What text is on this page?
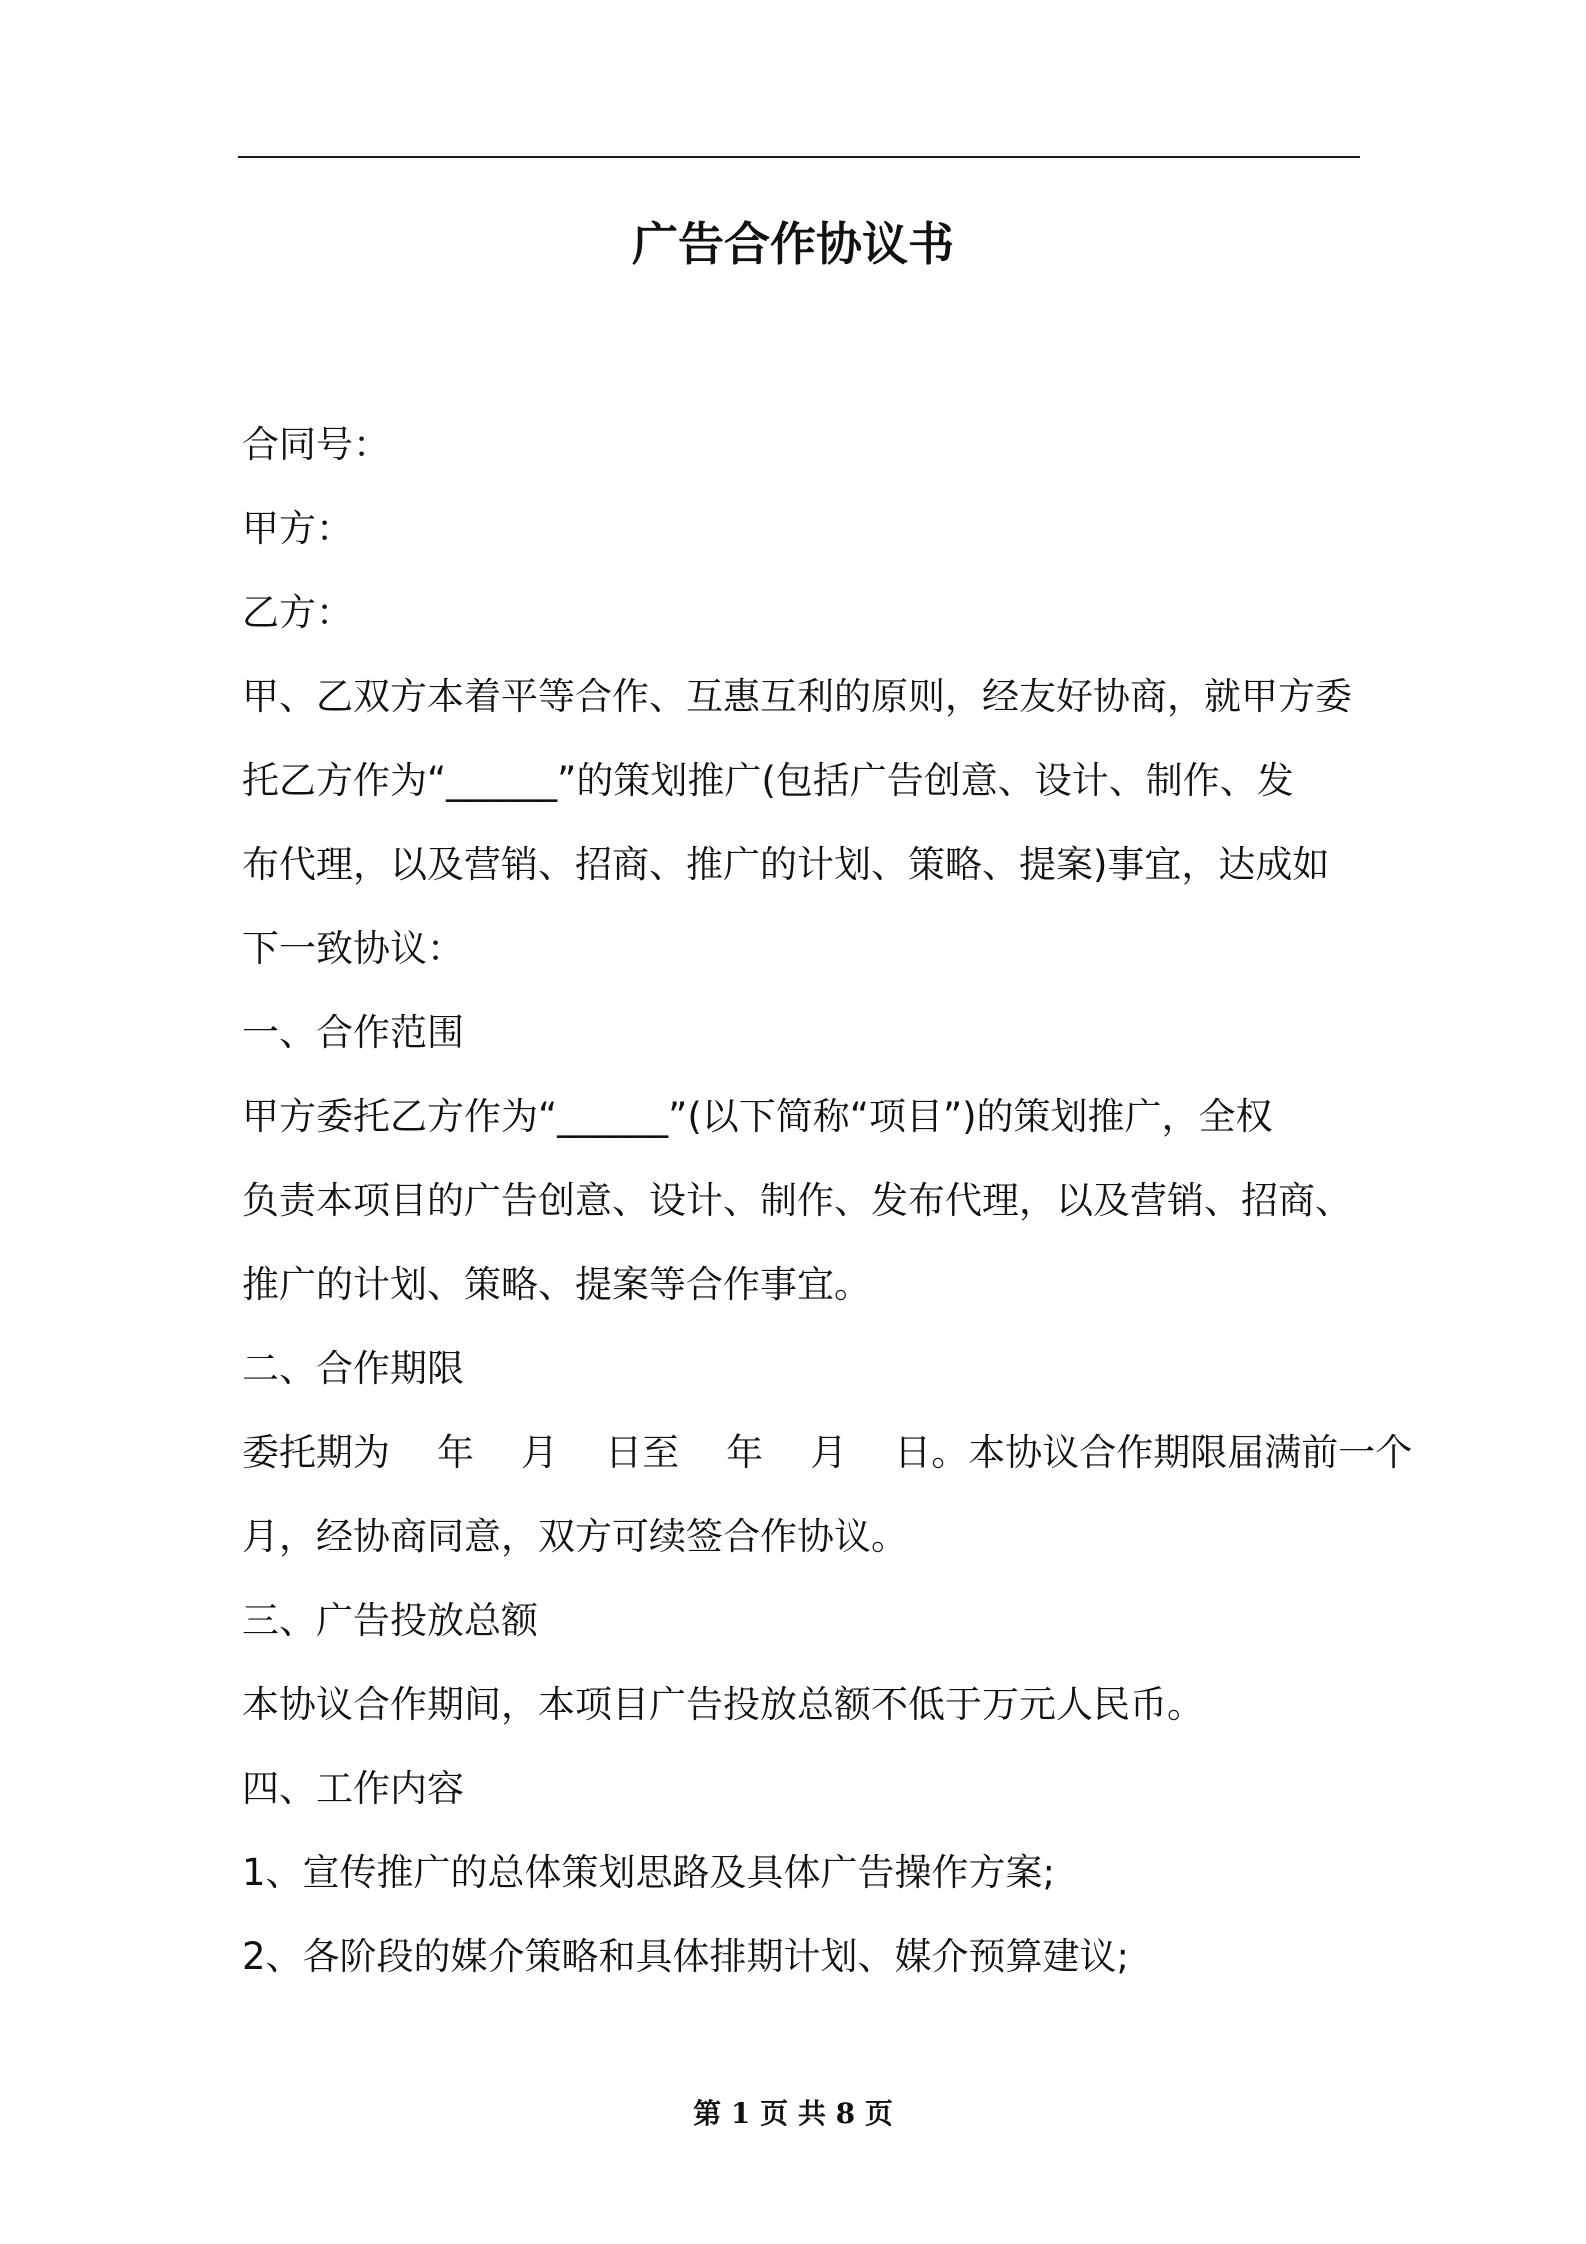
广告合作协议书

合同号：

甲方：

乙方：

甲、乙双方本着平等合作、互惠互利的原则，经友好协商，就甲方委

托乙方作为“______”的策划推广(包括广告创意、设计、制作、发

布代理，以及营销、招商、推广的计划、策略、提案)事宜，达成如

下一致协议：

一、合作范围

甲方委托乙方作为“______”(以下简称“项目”)的策划推广，全权

负责本项目的广告创意、设计、制作、发布代理，以及营销、招商、

推广的计划、策略、提案等合作事宜。

二、合作期限

委托期为    年    月    日至    年    月    日。本协议合作期限届满前一个

月，经协商同意，双方可续签合作协议。

三、广告投放总额

本协议合作期间，本项目广告投放总额不低于万元人民币。

四、工作内容

1、宣传推广的总体策划思路及具体广告操作方案;

2、各阶段的媒介策略和具体排期计划、媒介预算建议;

第 1 页 共 8 页
